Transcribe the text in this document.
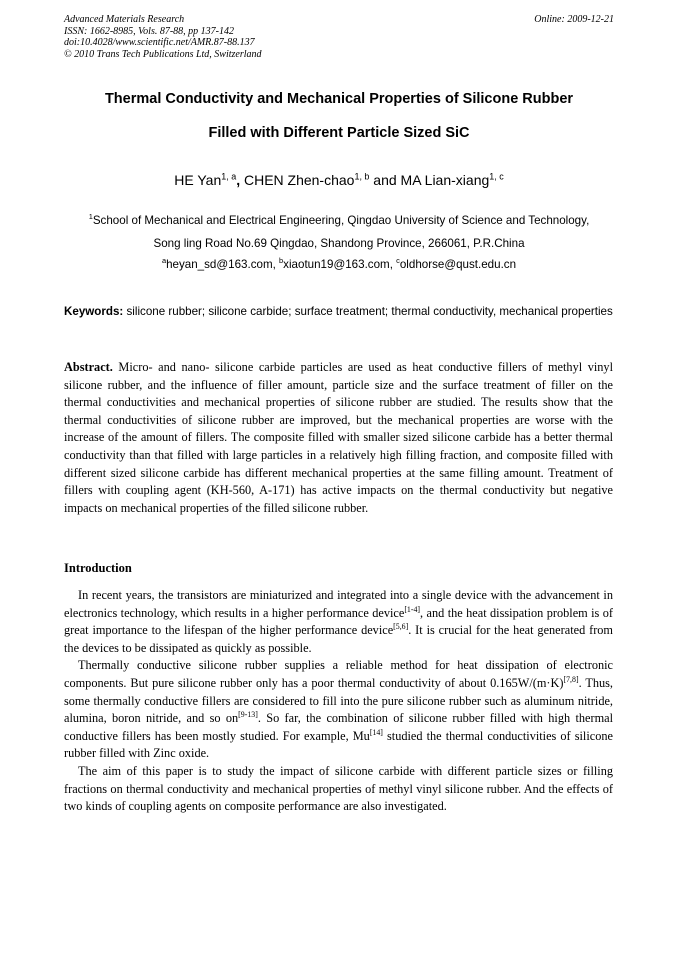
Advanced Materials Research
ISSN: 1662-8985, Vols. 87-88, pp 137-142
doi:10.4028/www.scientific.net/AMR.87-88.137
© 2010 Trans Tech Publications Ltd, Switzerland
Online: 2009-12-21
Thermal Conductivity and Mechanical Properties of Silicone Rubber
Filled with Different Particle Sized SiC
HE Yan$^{1, a}$, CHEN Zhen-chao$^{1, b}$ and MA Lian-xiang$^{1, c}$
$^1$School of Mechanical and Electrical Engineering, Qingdao University of Science and Technology,
Song ling Road No.69 Qingdao, Shandong Province, 266061, P.R.China
$^a$heyan_sd@163.com, $^b$xiaotun19@163.com, $^c$oldhorse@qust.edu.cn
Keywords: silicone rubber; silicone carbide; surface treatment; thermal conductivity, mechanical properties
Abstract. Micro- and nano- silicone carbide particles are used as heat conductive fillers of methyl vinyl silicone rubber, and the influence of filler amount, particle size and the surface treatment of filler on the thermal conductivities and mechanical properties of silicone rubber are studied. The results show that the thermal conductivities of silicone rubber are improved, but the mechanical properties are worse with the increase of the amount of fillers. The composite filled with smaller sized silicone carbide has a better thermal conductivity than that filled with large particles in a relatively high filling fraction, and composite filled with different sized silicone carbide has different mechanical properties at the same filling amount. Treatment of fillers with coupling agent (KH-560, A-171) has active impacts on the thermal conductivity but negative impacts on mechanical properties of the filled silicone rubber.
Introduction

In recent years, the transistors are miniaturized and integrated into a single device with the advancement in electronics technology, which results in a higher performance device[1-4], and the heat dissipation problem is of great importance to the lifespan of the higher performance device[5,6]. It is crucial for the heat generated from the devices to be dissipated as quickly as possible.

Thermally conductive silicone rubber supplies a reliable method for heat dissipation of electronic components. But pure silicone rubber only has a poor thermal conductivity of about 0.165W/(m·K)[7,8]. Thus, some thermally conductive fillers are considered to fill into the pure silicone rubber such as aluminum nitride, alumina, boron nitride, and so on[9-13]. So far, the combination of silicone rubber filled with high thermal conductive fillers has been mostly studied. For example, Mu[14] studied the thermal conductivities of silicone rubber filled with Zinc oxide.

The aim of this paper is to study the impact of silicone carbide with different particle sizes or filling fractions on thermal conductivity and mechanical properties of methyl vinyl silicone rubber. And the effects of two kinds of coupling agents on composite performance are also investigated.
